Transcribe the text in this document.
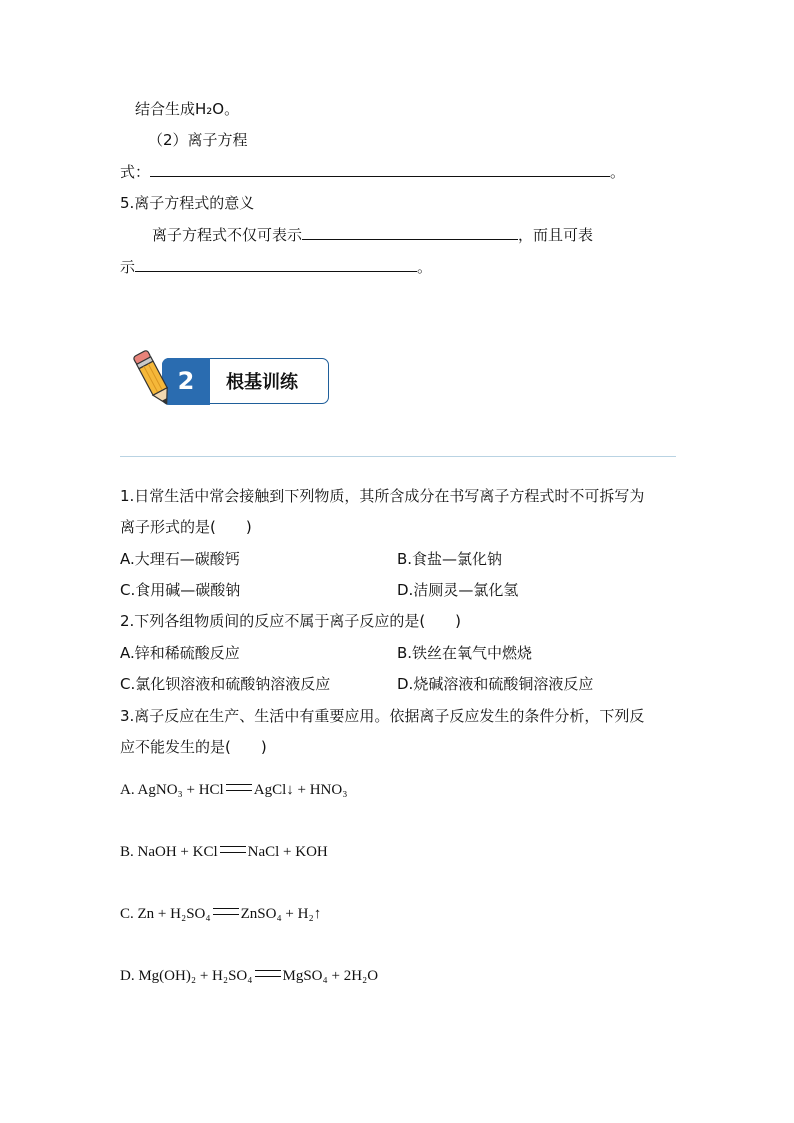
结合生成H₂O。
（2）离子方程
式：	。
5.离子方程式的意义
离子方程式不仅可表示	，而且可表
示	。
2	根基训练
1.日常生活中常会接触到下列物质，其所含成分在书写离子方程式时不可拆写为
离子形式的是(　　)
A.大理石—碳酸钙	B.食盐—氯化钠
C.食用碱—碳酸钠	D.洁厕灵—氯化氢
2.下列各组物质间的反应不属于离子反应的是(　　)
A.锌和稀硫酸反应	B.铁丝在氧气中燃烧
C.氯化钡溶液和硫酸钠溶液反应	D.烧碱溶液和硫酸铜溶液反应
3.离子反应在生产、生活中有重要应用。依据离子反应发生的条件分析，下列反
应不能发生的是(　　)
A. AgNO₃ + HCl AgCl↓ + HNO₃
B. NaOH + KCl NaCl + KOH
C. Zn + H₂SO₄ ZnSO₄ + H₂↑
D. Mg(OH)₂ + H₂SO₄ MgSO₄ + 2H₂O
